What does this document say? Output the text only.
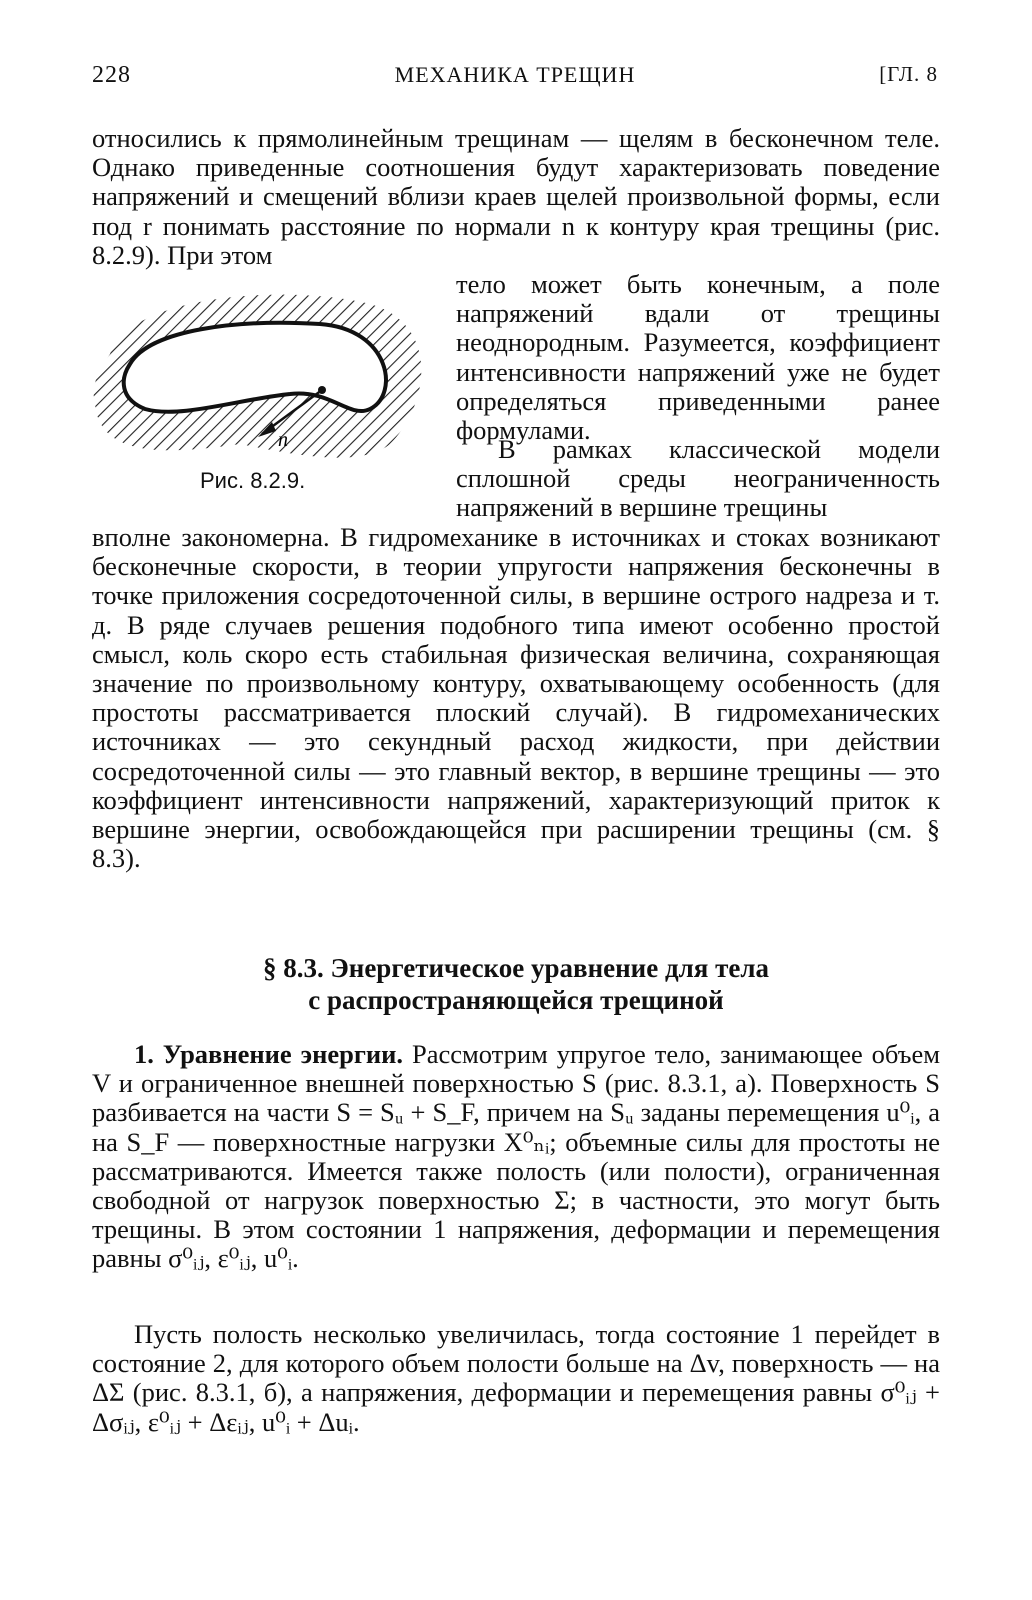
228	МЕХАНИКА ТРЕЩИН	[ГЛ. 8

относились к прямолинейным трещинам — щелям в бесконечном теле. Однако приведенные соотношения будут характеризовать поведение напряжений и смещений вблизи краев щелей произвольной формы, если под r понимать расстояние по нормали n к контуру края трещины (рис. 8.2.9). При этом

n
Рис. 8.2.9.

тело может быть конечным, а поле напряжений вдали от трещины неоднородным. Разумеется, коэффициент интенсивности напряжений уже не будет определяться приведенными ранее формулами.

В рамках классической модели сплошной среды неограниченность напряжений в вершине трещины

вполне закономерна. В гидромеханике в источниках и стоках возникают бесконечные скорости, в теории упругости напряжения бесконечны в точке приложения сосредоточенной силы, в вершине острого надреза и т. д. В ряде случаев решения подобного типа имеют особенно простой смысл, коль скоро есть стабильная физическая величина, сохраняющая значение по произвольному контуру, охватывающему особенность (для простоты рассматривается плоский случай). В гидромеханических источниках — это секундный расход жидкости, при действии сосредоточенной силы — это главный вектор, в вершине трещины — это коэффициент интенсивности напряжений, характеризующий приток к вершине энергии, освобождающейся при расширении трещины (см. § 8.3).

§ 8.3. Энергетическое уравнение для тела
с распространяющейся трещиной

1. Уравнение энергии. Рассмотрим упругое тело, занимающее объем V и ограниченное внешней поверхностью S (рис. 8.3.1, а). Поверхность S разбивается на части S = Sᵤ + S_F, причем на Sᵤ заданы перемещения u⁰ᵢ, а на S_F — поверхностные нагрузки X⁰ₙᵢ; объемные силы для простоты не рассматриваются. Имеется также полость (или полости), ограниченная свободной от нагрузок поверхностью Σ; в частности, это могут быть трещины. В этом состоянии 1 напряжения, деформации и перемещения равны σ⁰ᵢⱼ, ε⁰ᵢⱼ, u⁰ᵢ.

Пусть полость несколько увеличилась, тогда состояние 1 перейдет в состояние 2, для которого объем полости больше на Δv, поверхность — на ΔΣ (рис. 8.3.1, б), а напряжения, деформации и перемещения равны σ⁰ᵢⱼ + Δσᵢⱼ, ε⁰ᵢⱼ + Δεᵢⱼ, u⁰ᵢ + Δuᵢ.
